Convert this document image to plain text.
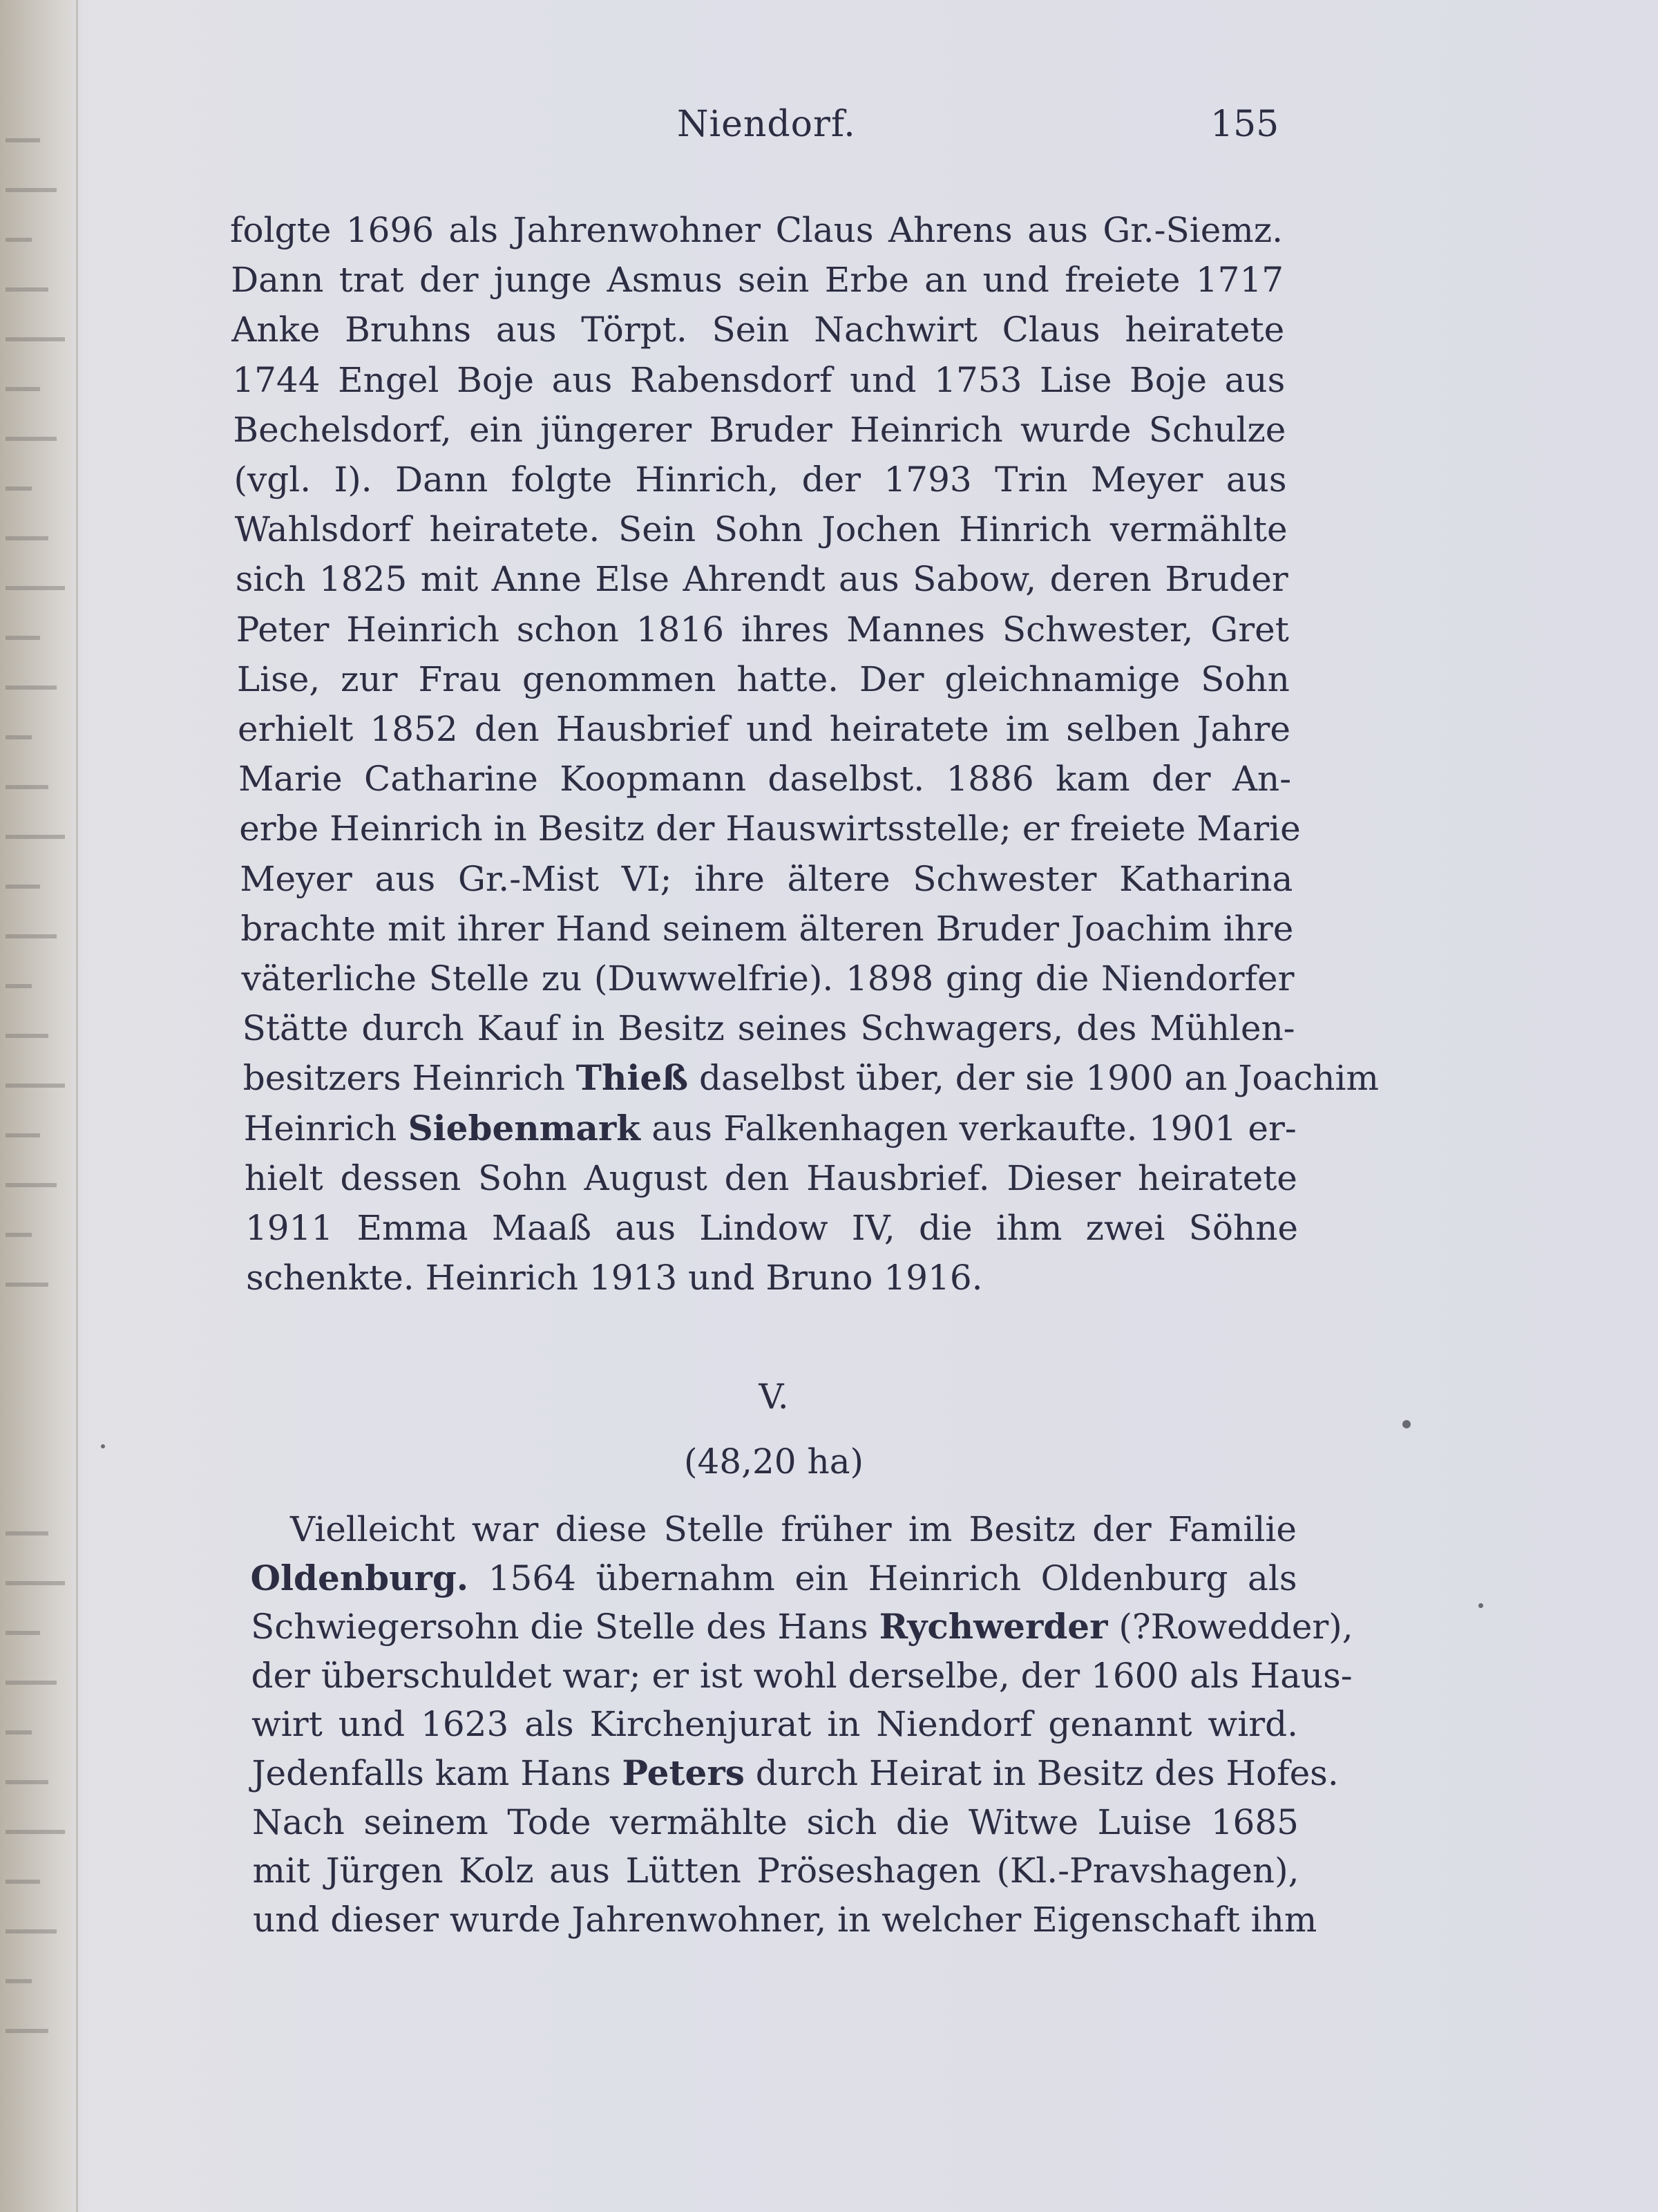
Niendorf.	155
folgte 1696 als Jahrenwohner Claus Ahrens aus Gr.-Siemz.
Dann trat der junge Asmus sein Erbe an und freiete 1717
Anke Bruhns aus Törpt. Sein Nachwirt Claus heiratete
1744 Engel Boje aus Rabensdorf und 1753 Lise Boje aus
Bechelsdorf, ein jüngerer Bruder Heinrich wurde Schulze
(vgl. I). Dann folgte Hinrich, der 1793 Trin Meyer aus
Wahlsdorf heiratete. Sein Sohn Jochen Hinrich vermählte
sich 1825 mit Anne Else Ahrendt aus Sabow, deren Bruder
Peter Heinrich schon 1816 ihres Mannes Schwester, Gret
Lise, zur Frau genommen hatte. Der gleichnamige Sohn
erhielt 1852 den Hausbrief und heiratete im selben Jahre
Marie Catharine Koopmann daselbst. 1886 kam der An-
erbe Heinrich in Besitz der Hauswirtsstelle; er freiete Marie
Meyer aus Gr.-Mist VI; ihre ältere Schwester Katharina
brachte mit ihrer Hand seinem älteren Bruder Joachim ihre
väterliche Stelle zu (Duwwelfrie). 1898 ging die Niendorfer
Stätte durch Kauf in Besitz seines Schwagers, des Mühlen-
besitzers Heinrich Thieß daselbst über, der sie 1900 an Joachim
Heinrich Siebenmark aus Falkenhagen verkaufte. 1901 er-
hielt dessen Sohn August den Hausbrief. Dieser heiratete
1911 Emma Maaß aus Lindow IV, die ihm zwei Söhne
schenkte. Heinrich 1913 und Bruno 1916.
V.
(48,20 ha)
Vielleicht war diese Stelle früher im Besitz der Familie
Oldenburg. 1564 übernahm ein Heinrich Oldenburg als
Schwiegersohn die Stelle des Hans Rychwerder (?Rowedder),
der überschuldet war; er ist wohl derselbe, der 1600 als Haus-
wirt und 1623 als Kirchenjurat in Niendorf genannt wird.
Jedenfalls kam Hans Peters durch Heirat in Besitz des Hofes.
Nach seinem Tode vermählte sich die Witwe Luise 1685
mit Jürgen Kolz aus Lütten Pröseshagen (Kl.-Pravshagen),
und dieser wurde Jahrenwohner, in welcher Eigenschaft ihm
